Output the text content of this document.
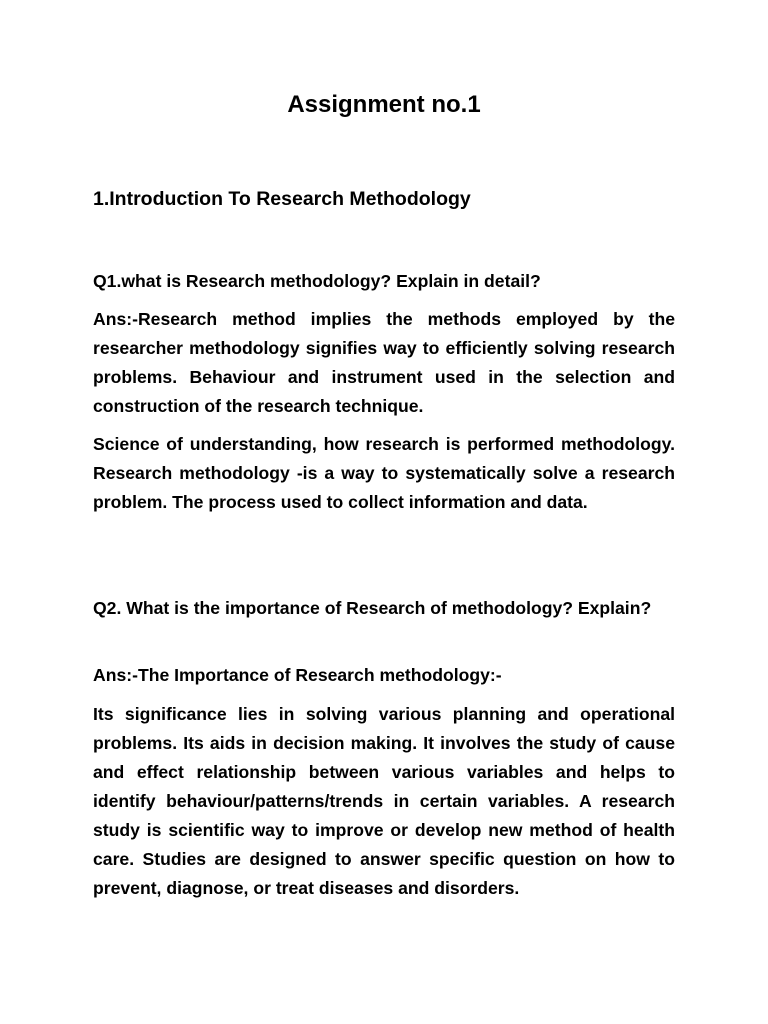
Assignment no.1
1.Introduction To Research Methodology

Q1.what is Research methodology? Explain in detail?

Ans:-Research method implies the methods employed by the researcher methodology signifies way to efficiently solving research problems. Behaviour and instrument used in the selection and construction of the research technique.

Science of understanding, how research is performed methodology. Research methodology -is a way to systematically solve a research problem. The process used to collect information and data.

Q2. What is the importance of Research of methodology? Explain?

Ans:-The Importance of Research methodology:-

Its significance lies in solving various planning and operational problems. Its aids in decision making. It involves the study of cause and effect relationship between various variables and helps to identify behaviour/patterns/trends in certain variables. A research study is scientific way to improve or develop new method of health care. Studies are designed to answer specific question on how to prevent, diagnose, or treat diseases and disorders.
